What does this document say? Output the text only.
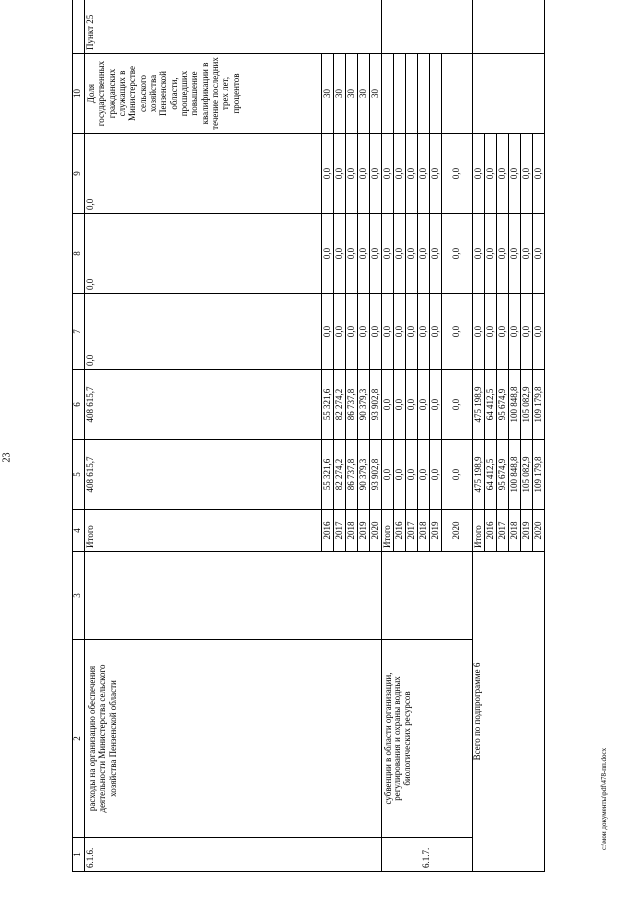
23
c:\мои документы\pdf\478-пп.docx
1	2	3	4	5	6	7	8	9	10	
6.1.6.	расходы на организацию обеспечения деятельности Министерства сельского хозяйства Пензенской области		Итого	408 615,7	408 615,7	0,0	0,0	0,0	Доля государственных гражданских служащих в Министерстве сельского хозяйства Пензенской области, прошедших повышение квалификации в течение последних трех лет, процентов	Пункт 25
			2016	55 321,6	55 321,6	0,0	0,0	0,0	30	
			2017	82 274,2	82 274,2	0,0	0,0	0,0	30	
			2018	86 737,8	86 737,8	0,0	0,0	0,0	30	
			2019	90 379,3	90 379,3	0,0	0,0	0,0	30	
			2020	93 902,8	93 902,8	0,0	0,0	0,0	30	
6.1.7.	субвенции в области организации, регулирования и охраны водных биологических ресурсов		Итого	0,0	0,0	0,0	0,0	0,0		
			2016	0,0	0,0	0,0	0,0	0,0		
			2017	0,0	0,0	0,0	0,0	0,0		
			2018	0,0	0,0	0,0	0,0	0,0		
			2019	0,0	0,0	0,0	0,0	0,0		
			2020	0,0	0,0	0,0	0,0	0,0		
Всего по подпрограмме 6			Итого	475 198,9	475 198,9	0,0	0,0	0,0		
			2016	64 412,5	64 412,5	0,0	0,0	0,0		
			2017	95 674,9	95 674,9	0,0	0,0	0,0		
			2018	100 848,8	100 848,8	0,0	0,0	0,0		
			2019	105 082,9	105 082,9	0,0	0,0	0,0		
			2020	109 179,8	109 179,8	0,0	0,0	0,0		
